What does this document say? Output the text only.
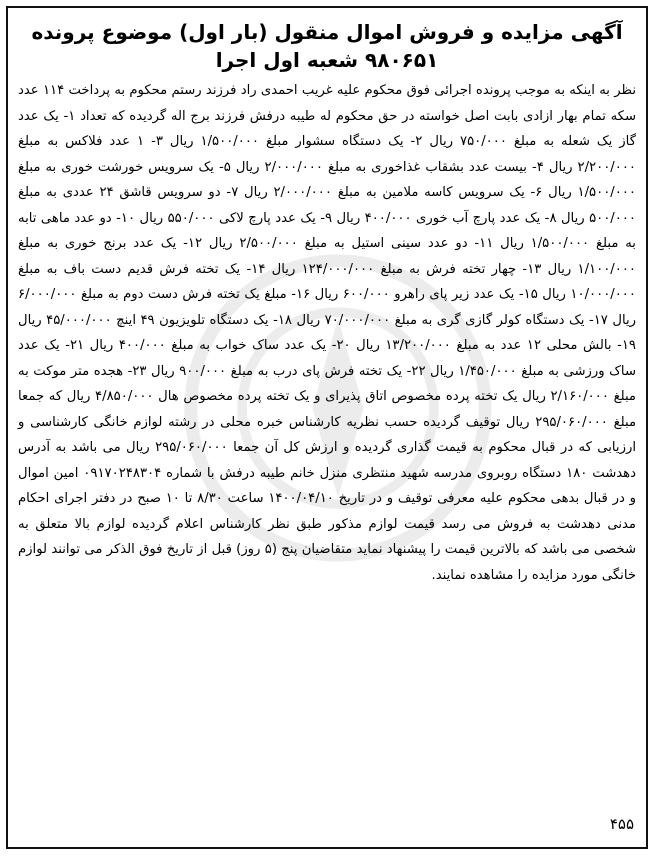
آگهی مزایده و فروش اموال منقول (بار اول) موضوع پرونده
۹۸۰۶۵۱ شعبه اول اجرا
نظر به اینکه به موجب پرونده اجرائی فوق محکوم علیه غریب احمدی راد فرزند رستم محکوم به پرداخت ۱۱۴ عدد سکه تمام بهار ازادی بابت اصل خواسته در حق محکوم له طیبه درفش فرزند برج اله گردیده که تعداد ۱- یک عدد گاز یک شعله به مبلغ ۷۵۰/۰۰۰ ریال ۲- یک دستگاه سشوار مبلغ ۱/۵۰۰/۰۰۰ ریال ۳- ۱ عدد فلاکس به مبلغ ۲/۲۰۰/۰۰۰ ریال ۴- بیست عدد بشقاب غذاخوری به مبلغ ۲/۰۰۰/۰۰۰ ریال ۵- یک سرویس خورشت خوری به مبلغ ۱/۵۰۰/۰۰۰ ریال ۶- یک سرویس کاسه ملامین به مبلغ ۲/۰۰۰/۰۰۰ ریال ۷- دو سرویس قاشق ۲۴ عددی به مبلغ ۵۰۰/۰۰۰ ریال ۸- یک عدد پارچ آب خوری ۴۰۰/۰۰۰ ریال ۹- یک عدد پارچ لاکی ۵۵۰/۰۰۰ ریال ۱۰- دو عدد ماهی تابه به مبلغ ۱/۵۰۰/۰۰۰ ریال ۱۱- دو عدد سینی استیل به مبلغ ۲/۵۰۰/۰۰۰ ریال ۱۲- یک عدد برنج خوری به مبلغ ۱/۱۰۰/۰۰۰ ریال ۱۳- چهار تخته فرش به مبلغ ۱۲۴/۰۰۰/۰۰۰ ریال ۱۴- یک تخته فرش قدیم دست باف به مبلغ ۱۰/۰۰۰/۰۰۰ ریال ۱۵- یک عدد زیر پای راهرو ۶۰۰/۰۰۰ ریال ۱۶- مبلغ یک تخته فرش دست دوم به مبلغ ۶/۰۰۰/۰۰۰ ریال ۱۷- یک دستگاه کولر گازی گری به مبلغ ۷۰/۰۰۰/۰۰۰ ریال ۱۸- یک دستگاه تلویزیون ۴۹ اینچ ۴۵/۰۰۰/۰۰۰ ریال ۱۹- بالش محلی ۱۲ عدد به مبلغ ۱۳/۲۰۰/۰۰۰ ریال ۲۰- یک عدد ساک خواب به مبلغ ۴۰۰/۰۰۰ ریال ۲۱- یک عدد ساک ورزشی به مبلغ ۱/۴۵۰/۰۰۰ ریال ۲۲- یک تخته فرش پای درب به مبلغ ۹۰۰/۰۰۰ ریال ۲۳- هجده متر موکت به مبلغ ۲/۱۶۰/۰۰۰ ریال یک تخته پرده مخصوص اتاق پذیرای و یک تخته پرده مخصوص هال ۴/۸۵۰/۰۰۰ ریال که جمعا مبلغ ۲۹۵/۰۶۰/۰۰۰ ریال توقیف گردیده حسب نظریه کارشناس خبره محلی در رشته لوازم خانگی کارشناسی و ارزیابی که در قبال محکوم به قیمت گذاری گردیده و ارزش کل آن جمعا ۲۹۵/۰۶۰/۰۰۰ ریال می باشد به آدرس دهدشت ۱۸۰ دستگاه روبروی مدرسه شهید منتظری منزل خانم طیبه درفش با شماره ۰۹۱۷۰۲۴۸۳۰۴ امین اموال و در قبال بدهی محکوم علیه معرفی توقیف و در تاریخ ۱۴۰۰/۰۴/۱۰ ساعت ۸/۳۰ تا ۱۰ صبح در دفتر اجرای احکام مدنی دهدشت به فروش می رسد قیمت لوازم مذکور طبق نظر کارشناس اعلام گردیده لوازم بالا متعلق به شخصی می باشد که بالاترین قیمت را پیشنهاد نماید متقاضیان پنج (۵ روز) قبل از تاریخ فوق الذکر می توانند لوازم خانگی مورد مزایده را مشاهده نمایند.
۴۵۵
